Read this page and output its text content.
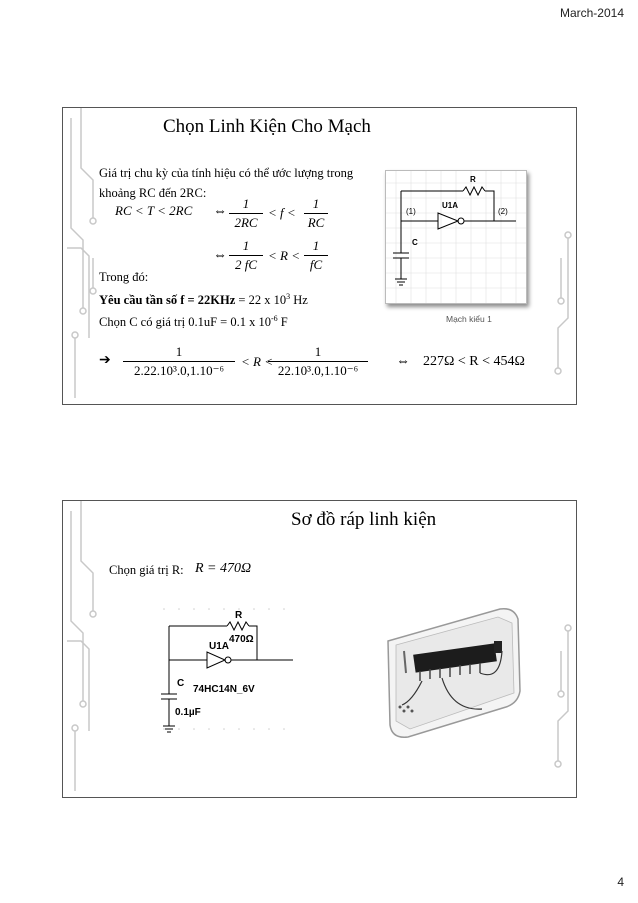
March-2014
Chọn Linh Kiện Cho Mạch
Giá trị chu kỳ của tính hiệu có thể ước lượng trong
khoảng RC đến 2RC:
RC < T < 2RC ⇔ $\frac{1}{2RC} < f < \frac{1}{RC}$
⇔ $\frac{1}{2 fC} < R < \frac{1}{fC}$
Trong đó:
Yêu cầu tần số f = 22KHz = 22 x $10^3$ Hz
Chọn C có giá trị 0.1uF = 0.1 x $10^{-6}$ F
➔ $\frac{1}{\text{2.22.10³.0,1.10⁻⁶}} < R$ <
$\frac{1}{\text{22.10³.0,1.10⁻⁶}}$ ⇔ 227Ω < R < 454Ω
R
U1A
(1)	(2)
C
Mạch kiểu 1
Sơ đồ ráp linh kiện
Chọn giá trị R: R = 470Ω
R
470Ω
U1A
C
74HC14N_6V
0.1µF
4
